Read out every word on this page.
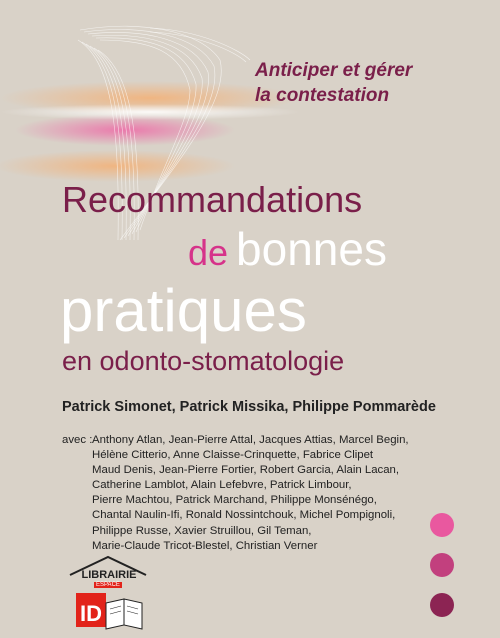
Anticiper et gérer
la contestation
Recommandations
de bonnes
pratiques
en odonto-stomatologie
Patrick Simonet, Patrick Missika, Philippe Pommarède
avec : Anthony Atlan, Jean-Pierre Attal, Jacques Attias, Marcel Begin,
Hélène Citterio, Anne Claisse-Crinquette, Fabrice Clipet
Maud Denis, Jean-Pierre Fortier, Robert Garcia, Alain Lacan,
Catherine Lamblot, Alain Lefebvre, Patrick Limbour,
Pierre Machtou, Patrick Marchand, Philippe Monsénégo,
Chantal Naulin-Ifi, Ronald Nossintchouk, Michel Pompignoli,
Philippe Russe, Xavier Struillou, Gil Teman,
Marie-Claude Tricot-Blestel, Christian Verner
ID
LIBRAIRIE
ESPACE
